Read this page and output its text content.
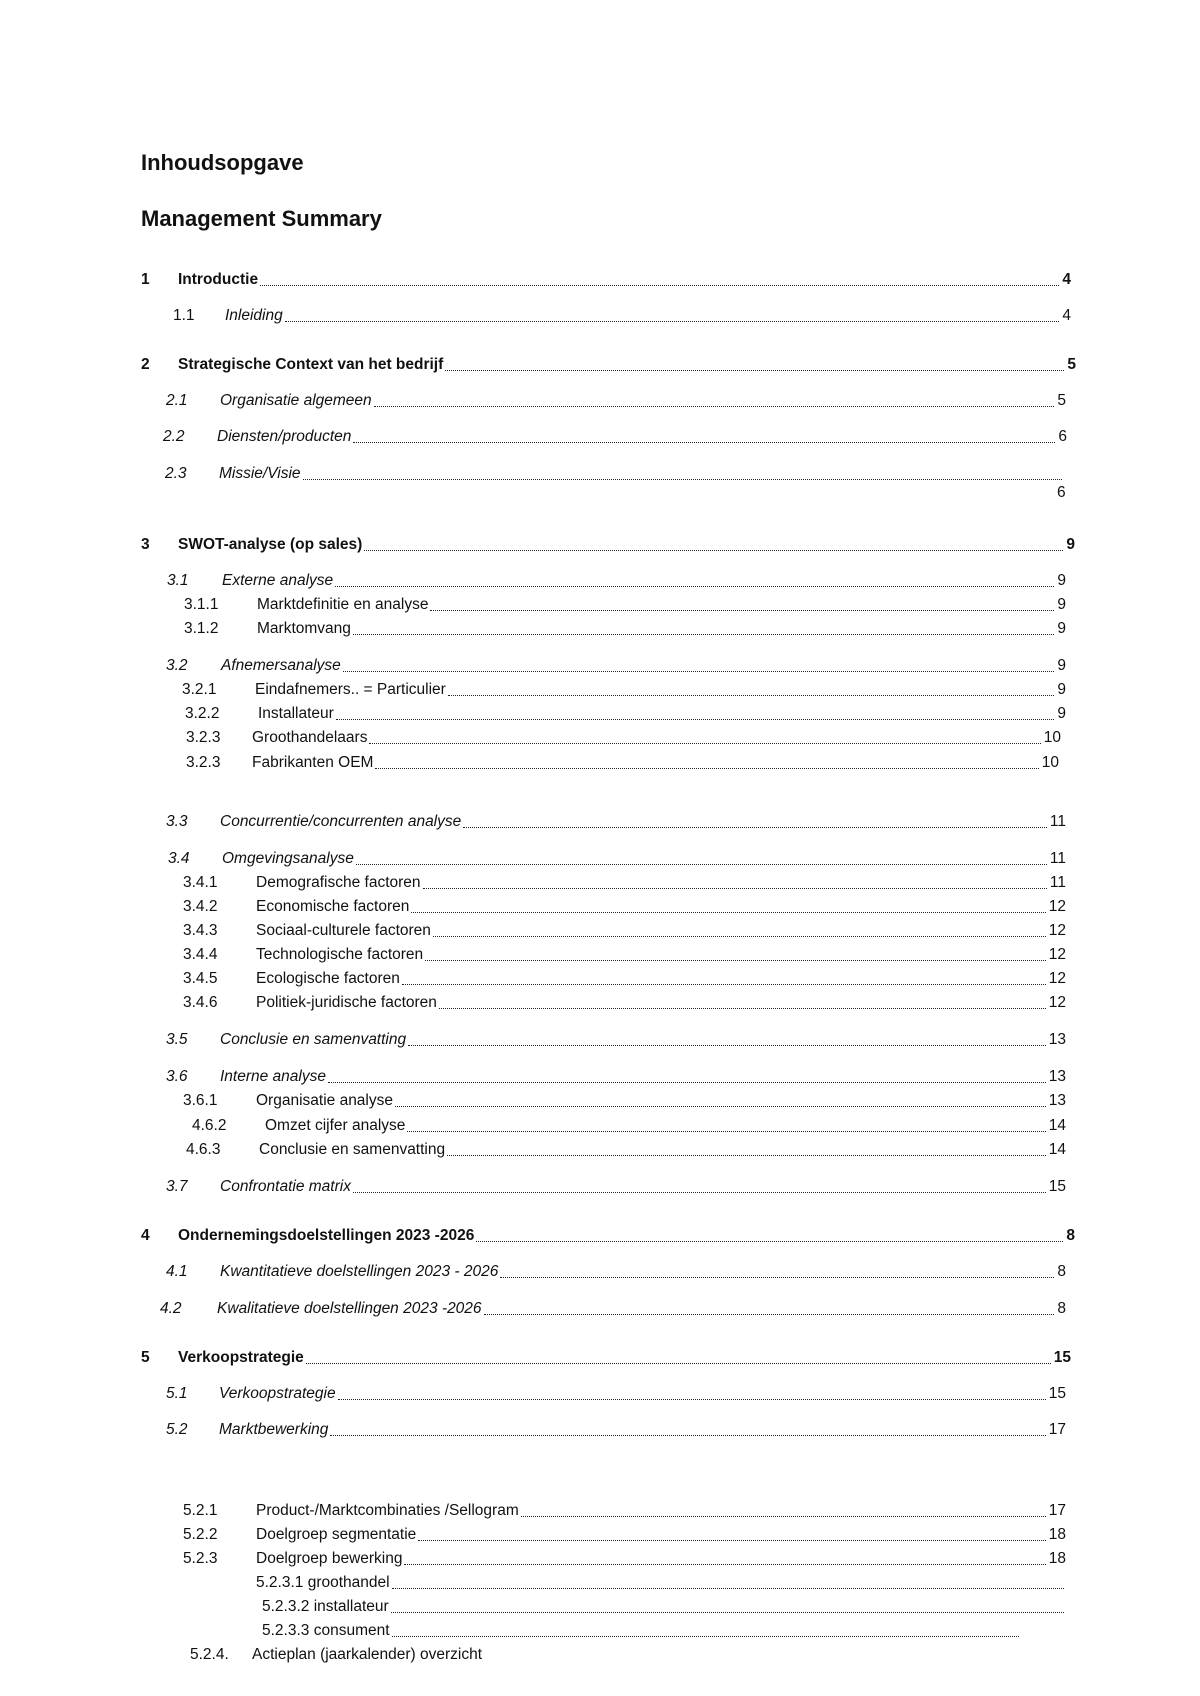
Inhoudsopgave
Management Summary
1	Introductie	4
1.1	Inleiding	4
2	Strategische Context van het bedrijf	5
2.1	Organisatie algemeen	5
2.2	Diensten/producten	6
2.3	Missie/Visie
6
3	SWOT-analyse (op sales)	9
3.1	Externe analyse	9
3.1.1	Marktdefinitie en analyse	9
3.1.2	Marktomvang	9
3.2	Afnemersanalyse	9
3.2.1	Eindafnemers.. = Particulier	9
3.2.2	Installateur	9
3.2.3	Groothandelaars	10
3.2.3	Fabrikanten OEM	10
3.3	Concurrentie/concurrenten analyse	11
3.4	Omgevingsanalyse	11
3.4.1	Demografische factoren	11
3.4.2	Economische factoren	12
3.4.3	Sociaal-culturele factoren	12
3.4.4	Technologische factoren	12
3.4.5	Ecologische factoren	12
3.4.6	Politiek-juridische factoren	12
3.5	Conclusie en samenvatting	13
3.6	Interne analyse	13
3.6.1	Organisatie analyse	13
4.6.2	Omzet cijfer analyse	14
4.6.3	Conclusie en samenvatting	14
3.7	Confrontatie matrix	15
4	Ondernemingsdoelstellingen 2023 -2026	8
4.1	Kwantitatieve doelstellingen 2023 - 2026	8
4.2	Kwalitatieve doelstellingen 2023 -2026	8
5	Verkoopstrategie	15
5.1	Verkoopstrategie	15
5.2	Marktbewerking	17
5.2.1	Product-/Marktcombinaties /Sellogram	17
5.2.2	Doelgroep segmentatie	18
5.2.3	Doelgroep bewerking	18
5.2.3.1 groothandel
5.2.3.2 installateur
5.2.3.3 consument
5.2.4.	Actieplan (jaarkalender) overzicht
